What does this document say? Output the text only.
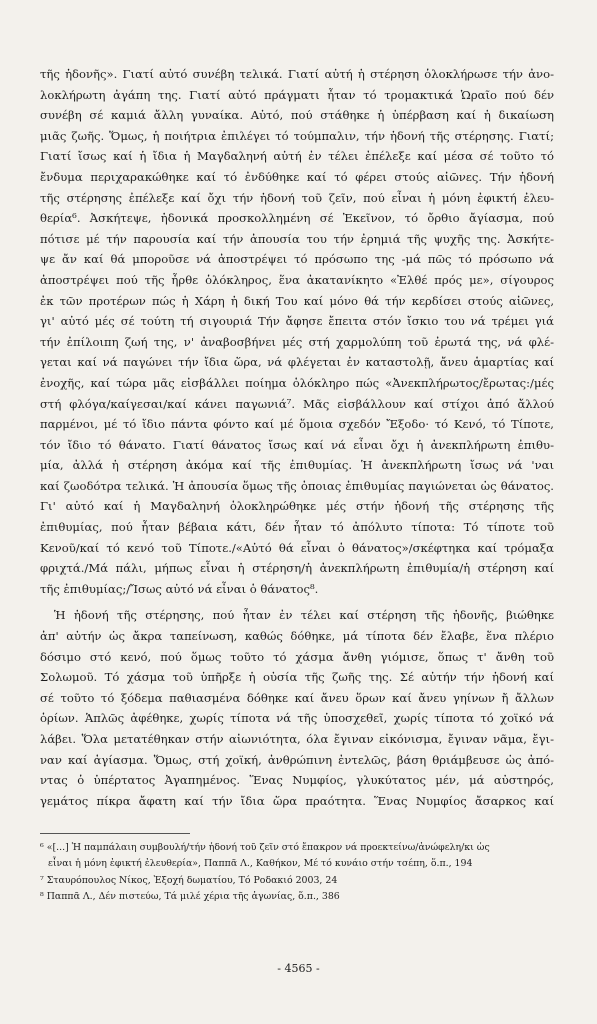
τῆς ἡδονῆς». Γιατί αὐτό συνέβη τελικά. Γιατί αὐτή ἡ στέρηση ὁλοκλήρωσε τήν ἀνο-
λοκλήρωτη ἀγάπη της. Γιατί αὐτό πράγματι ἦταν τό τρομακτικά Ὡραῖο πού δέν
συνέβη σέ καμιά ἄλλη γυναίκα. Αὐτό, πού στάθηκε ἡ ὑπέρβαση καί ἡ δικαίωση
μιᾶς ζωῆς. Ὅμως, ἡ ποιήτρια ἐπιλέγει τό τούμπαλιν, τήν ἡδονή τῆς στέρησης. Γιατί;
Γιατί ἴσως καί ἡ ἴδια ἡ Μαγδαληνή αὐτή ἐν τέλει ἐπέλεξε καί μέσα σέ τοῦτο τό
ἔνδυμα περιχαρακώθηκε καί τό ἐνδύθηκε καί τό φέρει στούς αἰῶνες. Τήν ἡδονή
τῆς στέρησης ἐπέλεξε καί ὄχι τήν ἡδονή τοῦ ζεῖν, πού εἶναι ἡ μόνη ἐφικτή ἐλευ-
θερία⁶. Ἀσκήτεψε, ἡδονικά προσκολλημένη σέ Ἐκεῖνον, τό ὄρθιο ἄγίασμα, πού
πότισε μέ τήν παρουσία καί τήν ἀπουσία του τήν ἐρημιά τῆς ψυχῆς της. Ἀσκήτε-
ψε ἄν καί θά μποροῦσε νά ἀποστρέψει τό πρόσωπο της -μά πῶς τό πρόσωπο νά
ἀποστρέψει πού τῆς ἦρθε ὁλόκληρος, ἕνα ἀκατανίκητο «Ἐλθέ πρός με», σίγουρος
ἐκ τῶν προτέρων πώς ἡ Χάρη ἡ δική Του καί μόνο θά τήν κερδίσει στούς αἰῶνες,
γι' αὐτό μές σέ τούτη τή σιγουριά Τήν ἄφησε ἔπειτα στόν ἴσκιο του νά τρέμει γιά
τήν ἐπίλοιπη ζωή της, ν' ἀναβοσβήνει μές στή χαρμολύπη τοῦ ἐρωτά της, νά φλέ-
γεται καί νά παγώνει τήν ἴδια ὥρα, νά φλέγεται ἐν καταστολῇ, ἄνευ ἁμαρτίας καί
ἐνοχῆς, καί τώρα μᾶς εἰσβάλλει ποίημα ὁλόκληρο πώς «Ἀνεκπλήρωτος/ἔρωτας:/μές
στή φλόγα/καίγεσαι/καί κάνει παγωνιά⁷. Μᾶς εἰσβάλλουν καί στίχοι ἀπό ἄλλού
παρμένοι, μέ τό ἴδιο πάντα φόντο καί μέ ὅμοια σχεδόν Ἔξοδο· τό Κενό, τό Τίποτε,
τόν ἴδιο τό θάνατο. Γιατί θάνατος ἴσως καί νά εἶναι ὄχι ἡ ἀνεκπλήρωτη ἐπιθυ-
μία, ἀλλά ἡ στέρηση ἀκόμα καί τῆς ἐπιθυμίας. Ἡ ἀνεκπλήρωτη ἴσως νά 'ναι
καί ζωοδότρα τελικά. Ἡ ἀπουσία ὅμως τῆς ὁποιας ἐπιθυμίας παγιώνεται ὡς θάνατος.
Γι' αὐτό καί ἡ Μαγδαληνή ὁλοκληρώθηκε μές στήν ἡδονή τῆς στέρησης τῆς
ἐπιθυμίας, πού ἦταν βέβαια κάτι, δέν ἦταν τό ἀπόλυτο τίποτα: Τό τίποτε τοῦ
Κενοῦ/καί τό κενό τοῦ Τίποτε./«Αὐτό θά εἶναι ὁ θάνατος»/σκέφτηκα καί τρόμαξα
φριχτά./Μά πάλι, μήπως εἶναι ἡ στέρηση/ἡ ἀνεκπλήρωτη ἐπιθυμία/ἡ στέρηση καί
τῆς ἐπιθυμίας;/Ἴσως αὐτό νά εἶναι ὁ θάνατος⁸.
Ἡ ἡδονή τῆς στέρησης, πού ἦταν ἐν τέλει καί στέρηση τῆς ἡδονῆς, βιώθηκε
ἀπ' αὐτήν ὡς ἄκρα ταπείνωση, καθώς δόθηκε, μά τίποτα δέν ἔλαβε, ἕνα πλέριο
δόσιμο στό κενό, πού ὅμως τοῦτο τό χάσμα ἄνθη γιόμισε, ὅπως τ' ἄνθη τοῦ
Σολωμοῦ. Τό χάσμα τοῦ ὑπῆρξε ἡ οὐσία τῆς ζωῆς της. Σέ αὐτήν τήν ἡδονή καί
σέ τοῦτο τό ξόδεμα παθιασμένα δόθηκε καί ἄνευ ὅρων καί ἄνευ γηίνων ἤ ἄλλων
ὁρίων. Ἁπλῶς ἀφέθηκε, χωρίς τίποτα νά τῆς ὑποσχεθεῖ, χωρίς τίποτα τό χοϊκό νά
λάβει. Ὅλα μετατέθηκαν στήν αἰωνιότητα, όλα ἔγιναν εἰκόνισμα, ἔγιναν νᾶμα, ἔγι-
ναν καί ἁγίασμα. Ὅμως, στή χοϊκή, ἀνθρώπινη ἐντελῶς, βάση θριάμβευσε ὡς ἀπό-
ντας ὁ ὑπέρτατος Ἀγαπημένος. Ἕνας Νυμφίος, γλυκύτατος μέν, μά αὐστηρός,
γεμάτος πίκρα ἄφατη καί τήν ἴδια ὥρα πραότητα. Ἕνας Νυμφίος ἄσαρκος καί
⁶ «[...] Ἡ παμπάλαιη συμβουλή/τήν ἡδονή τοῦ ζεῖν στό ἔπακρον νά προεκτείνω/ἀνώφελη/κι ὡς
εἶναι ἡ μόνη ἐφικτή ἐλευθερία», Παππᾶ Λ., Καθήκον, Μέ τό κυνάιο στήν τσέπη, ὅ.π., 194
⁷ Σταυρόπουλος Νίκος, Ἐξοχή δωματίου, Τό Ροδακιό 2003, 24
⁸ Παππᾶ Λ., Δέν πιστεύω, Τά μιλέ χέρια τῆς ἀγωνίας, ὅ.π., 386
- 4565 -
